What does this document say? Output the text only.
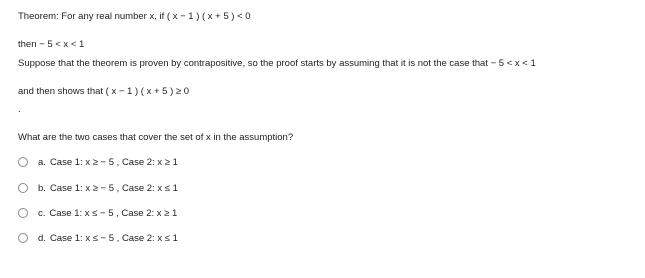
Theorem: For any real number x, if ( x − 1 ) ( x + 5 ) < 0
then − 5 < x < 1
Suppose that the theorem is proven by contrapositive, so the proof starts by assuming that it is not the case that − 5 < x < 1
and then shows that ( x − 1 ) ( x + 5 ) ≥ 0
.
What are the two cases that cover the set of x in the assumption?
a. Case 1: x ≥ − 5 , Case 2: x ≥ 1
b. Case 1: x ≥ − 5 , Case 2: x ≤ 1
c. Case 1: x ≤ − 5 , Case 2: x ≥ 1
d. Case 1: x ≤ − 5 , Case 2: x ≤ 1
